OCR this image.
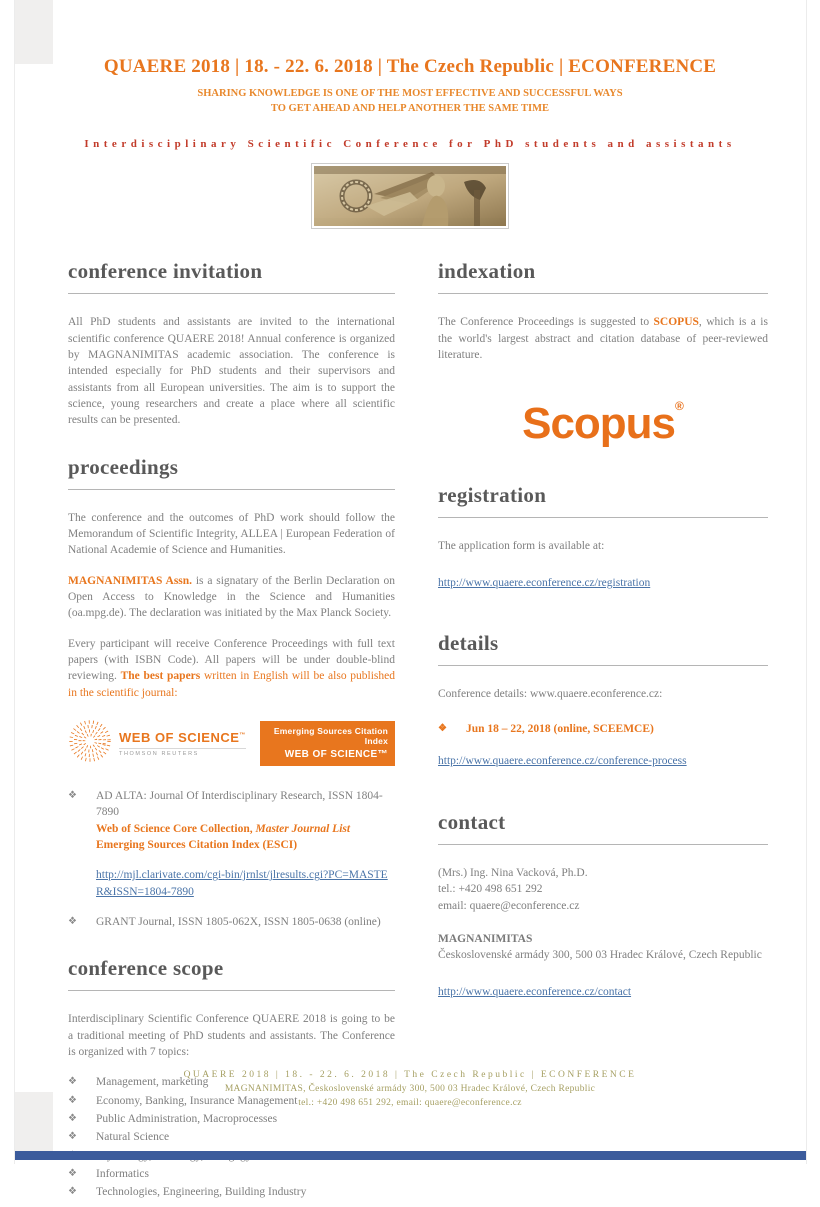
QUAERE 2018 | 18. - 22. 6. 2018 | The Czech Republic | ECONFERENCE
SHARING KNOWLEDGE IS ONE OF THE MOST EFFECTIVE AND SUCCESSFUL WAYS
TO GET AHEAD AND HELP ANOTHER THE SAME TIME
Interdisciplinary Scientific Conference for PhD students and assistants
conference invitation

All PhD students and assistants are invited to the international scientific conference QUAERE 2018! Annual conference is organized by MAGNANIMITAS academic association. The conference is intended especially for PhD students and their supervisors and assistants from all European universities. The aim is to support the science, young researchers and create a place where all scientific results can be presented.

proceedings

The conference and the outcomes of PhD work should follow the Memorandum of Scientific Integrity, ALLEA | European Federation of National Academie of Science and Humanities.

MAGNANIMITAS Assn. is a signatary of the Berlin Declaration on Open Access to Knowledge in the Science and Humanities (oa.mpg.de). The declaration was initiated by the Max Planck Society.

Every participant will receive Conference Proceedings with full text papers (with ISBN Code). All papers will be under double-blind reviewing. The best papers written in English will be also published in the scientific journal:

WEB OF SCIENCE™
THOMSON REUTERS
Emerging Sources Citation Index
WEB OF SCIENCE™
❖	AD ALTA: Journal Of Interdisciplinary Research, ISSN 1804-7890
Web of Science Core Collection, Master Journal List
Emerging Sources Citation Index (ESCI)
http://mjl.clarivate.com/cgi-bin/jrnlst/jlresults.cgi?PC=MASTER&ISSN=1804-7890
❖	GRANT Journal, ISSN 1805-062X, ISSN 1805-0638 (online)
conference scope

Interdisciplinary Scientific Conference QUAERE 2018 is going to be a traditional meeting of PhD students and assistants. The Conference is organized with 7 topics:

❖	Management, marketing
❖	Economy, Banking, Insurance Management
❖	Public Administration, Macroprocesses
❖	Natural Science
❖	Informatics
❖	Technologies, Engineering, Building Industry
indexation

The Conference Proceedings is suggested to SCOPUS, which is a is the world's largest abstract and citation database of peer-reviewed literature.

Scopus®
registration

The application form is available at:

http://www.quaere.econference.cz/registration
details

Conference details: www.quaere.econference.cz:

❖	Jun 18 – 22, 2018 (online, SCEEMCE)
http://www.quaere.econference.cz/conference-process
contact

(Mrs.) Ing. Nina Vacková, Ph.D.

tel.: +420 498 651 292

email: quaere@econference.cz

MAGNANIMITAS

Československé armády 300, 500 03 Hradec Králové, Czech Republic

http://www.quaere.econference.cz/contact
QUAERE 2018 | 18. - 22. 6. 2018 | The Czech Republic | ECONFERENCE
MAGNANIMITAS, Československé armády 300, 500 03 Hradec Králové, Czech Republic
tel.: +420 498 651 292, email: quaere@econference.cz
